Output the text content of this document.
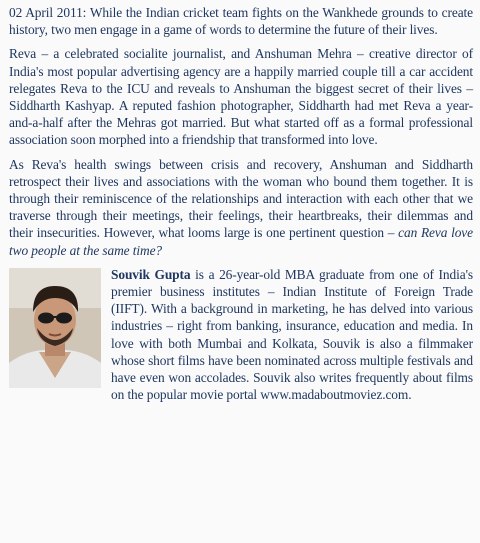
02 April 2011: While the Indian cricket team fights on the Wankhede grounds to create history, two men engage in a game of words to determine the future of their lives.

Reva – a celebrated socialite journalist, and Anshuman Mehra – creative director of India's most popular advertising agency are a happily married couple till a car accident relegates Reva to the ICU and reveals to Anshuman the biggest secret of their lives – Siddharth Kashyap. A reputed fashion photographer, Siddharth had met Reva a year-and-a-half after the Mehras got married. But what started off as a formal professional association soon morphed into a friendship that transformed into love.

As Reva's health swings between crisis and recovery, Anshuman and Siddharth retrospect their lives and associations with the woman who bound them together. It is through their reminiscence of the relationships and interaction with each other that we traverse through their meetings, their feelings, their heartbreaks, their dilemmas and their insecurities. However, what looms large is one pertinent question – can Reva love two people at the same time?

Souvik Gupta is a 26-year-old MBA graduate from one of India's premier business institutes – Indian Institute of Foreign Trade (IIFT). With a background in marketing, he has delved into various industries – right from banking, insurance, education and media. In love with both Mumbai and Kolkata, Souvik is also a filmmaker whose short films have been nominated across multiple festivals and have even won accolades. Souvik also writes frequently about films on the popular movie portal www.madaboutmoviez.com.
